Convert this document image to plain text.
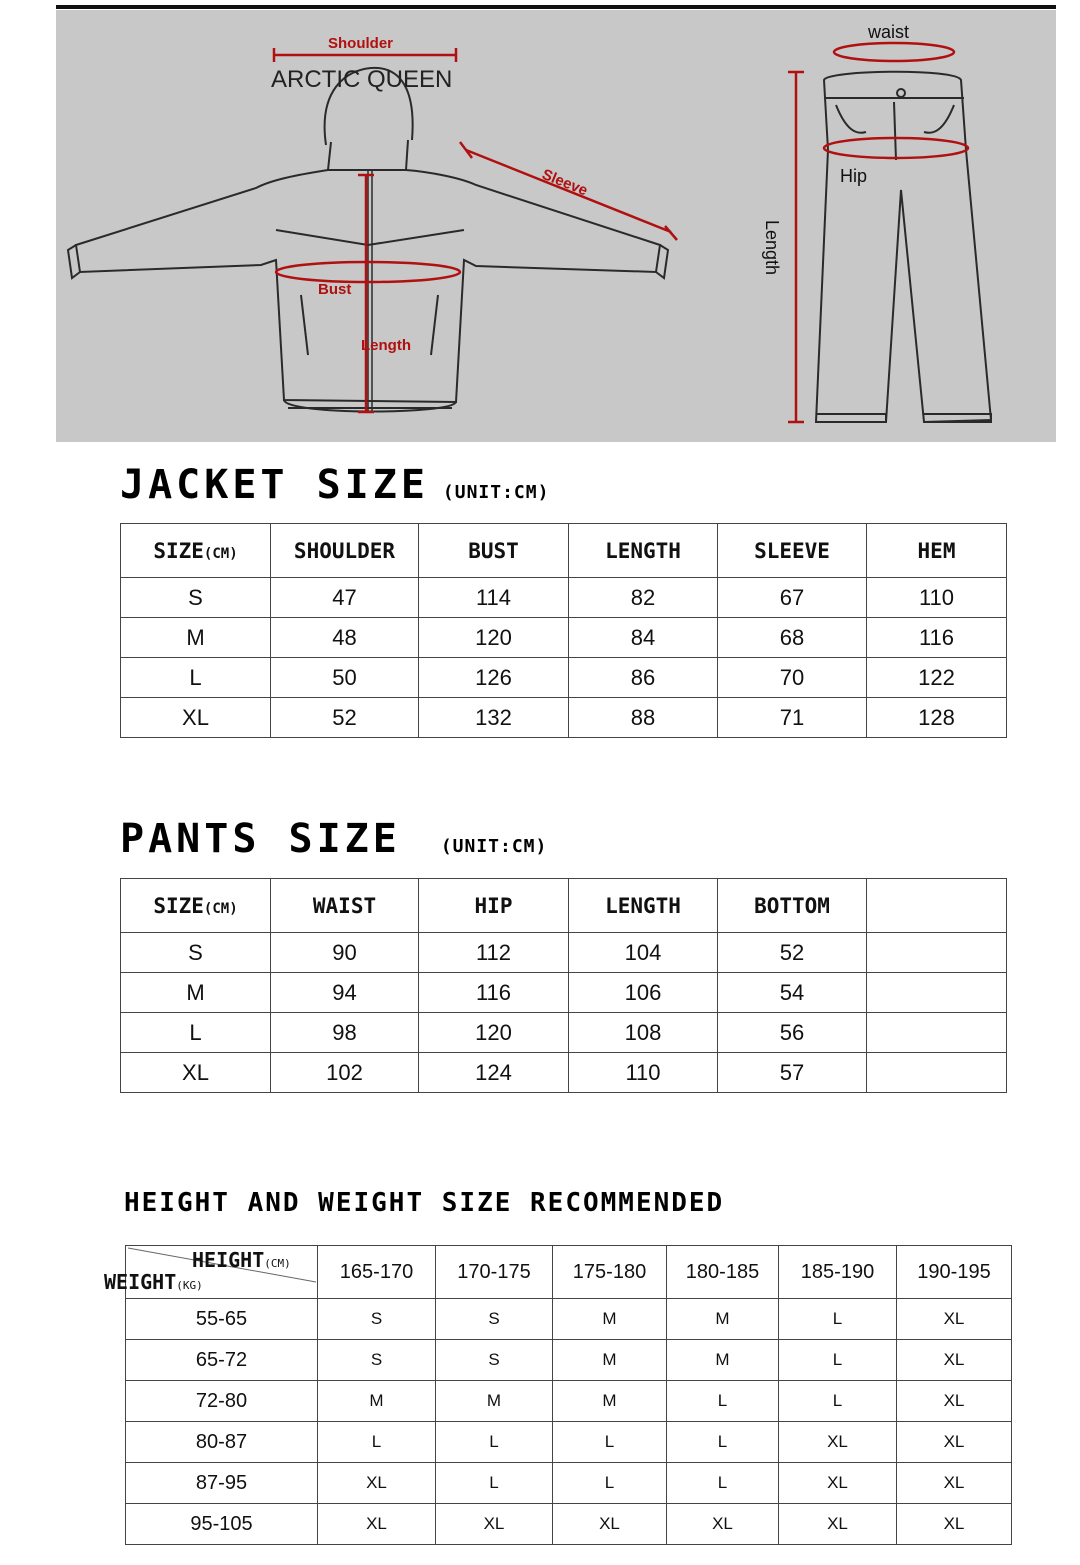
Shoulder
ARCTIC QUEEN
Sleeve
Bust
Length
waist
Hip
Length
JACKET SIZE (UNIT:CM)
SIZE(CM)	SHOULDER	BUST	LENGTH	SLEEVE	HEM
S	47	114	82	67	110
M	48	120	84	68	116
L	50	126	86	70	122
XL	52	132	88	71	128
PANTS SIZE (UNIT:CM)
SIZE(CM)	WAIST	HIP	LENGTH	BOTTOM	
S	90	112	104	52	
M	94	116	106	54	
L	98	120	108	56	
XL	102	124	110	57	
HEIGHT AND WEIGHT SIZE RECOMMENDED
HEIGHT(CM)
WEIGHT(KG)	165-170	170-175	175-180	180-185	185-190	190-195
55-65	S	S	M	M	L	XL
65-72	S	S	M	M	L	XL
72-80	M	M	M	L	L	XL
80-87	L	L	L	L	XL	XL
87-95	XL	L	L	L	XL	XL
95-105	XL	XL	XL	XL	XL	XL
